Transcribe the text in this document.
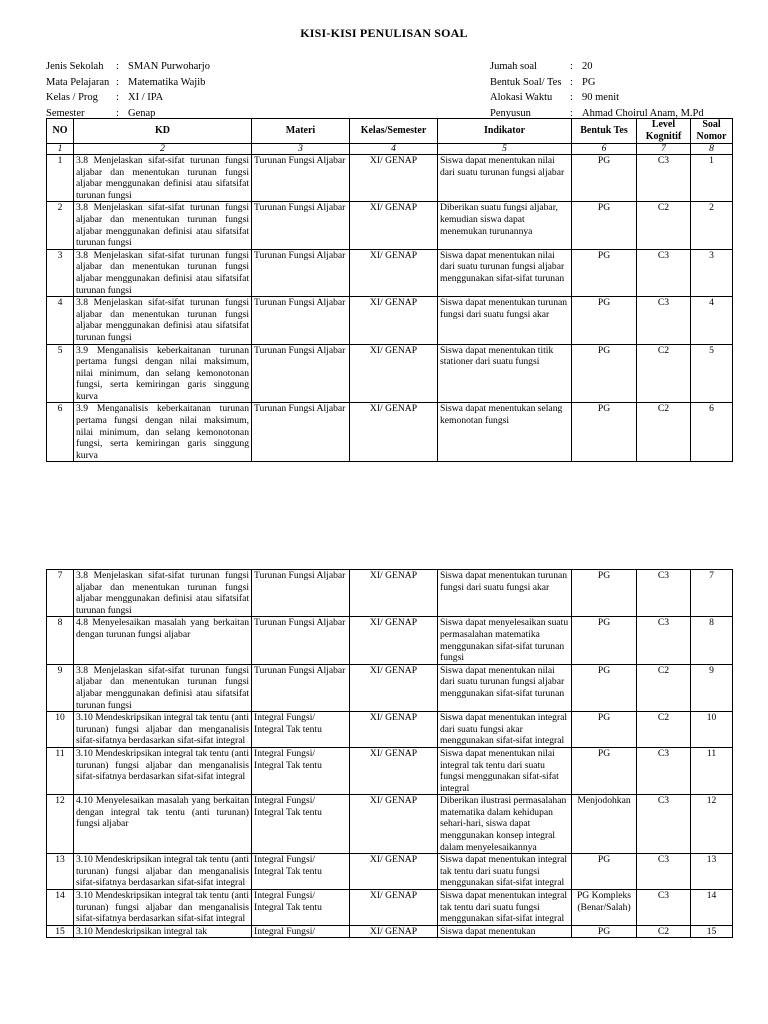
KISI-KISI PENULISAN SOAL
Jenis Sekolah	: SMAN Purwoharjo
Mata Pelajaran : Matematika Wajib
Kelas / Prog	: XI / IPA
Semester	: Genap
Jumah soal	: 20
Bentuk Soal/ Tes : PG
Alokasi Waktu	: 90 menit
Penyusun	: Ahmad Choirul Anam, M.Pd
NO	KD	Materi	Kelas/Semester	Indikator	Bentuk Tes	Level Kognitif	Soal Nomor
1	2	3	4	5	6	7	8
1	3.8 Menjelaskan sifat-sifat turunan fungsi aljabar dan menentukan turunan fungsi aljabar menggunakan definisi atau sifatsifat turunan fungsi	Turunan Fungsi Aljabar	XI/ GENAP	Siswa dapat menentukan nilai dari suatu turunan fungsi aljabar	PG	C3	1
2	3.8 Menjelaskan sifat-sifat turunan fungsi aljabar dan menentukan turunan fungsi aljabar menggunakan definisi atau sifatsifat turunan fungsi	Turunan Fungsi Aljabar	XI/ GENAP	Diberikan suatu fungsi aljabar, kemudian siswa dapat menemukan turunannya	PG	C2	2
3	3.8 Menjelaskan sifat-sifat turunan fungsi aljabar dan menentukan turunan fungsi aljabar menggunakan definisi atau sifatsifat turunan fungsi	Turunan Fungsi Aljabar	XI/ GENAP	Siswa dapat menentukan nilai dari suatu turunan fungsi aljabar menggunakan sifat-sifat turunan	PG	C3	3
4	3.8 Menjelaskan sifat-sifat turunan fungsi aljabar dan menentukan turunan fungsi aljabar menggunakan definisi atau sifatsifat turunan fungsi	Turunan Fungsi Aljabar	XI/ GENAP	Siswa dapat menentukan turunan fungsi dari suatu fungsi akar	PG	C3	4
5	3.9 Menganalisis keberkaitanan turunan pertama fungsi dengan nilai maksimum, nilai minimum, dan selang kemonotonan fungsi, serta kemiringan garis singgung kurva	Turunan Fungsi Aljabar	XI/ GENAP	Siswa dapat menentukan titik stationer dari suatu fungsi	PG	C2	5
6	3.9 Menganalisis keberkaitanan turunan pertama fungsi dengan nilai maksimum, nilai minimum, dan selang kemonotonan fungsi, serta kemiringan garis singgung kurva	Turunan Fungsi Aljabar	XI/ GENAP	Siswa dapat menentukan selang kemonotan fungsi	PG	C2	6
7	3.8 Menjelaskan sifat-sifat turunan fungsi aljabar dan menentukan turunan fungsi aljabar menggunakan definisi atau sifatsifat turunan fungsi	Turunan Fungsi Aljabar	XI/ GENAP	Siswa dapat menentukan turunan fungsi dari suatu fungsi akar	PG	C3	7
8	4.8 Menyelesaikan masalah yang berkaitan dengan turunan fungsi aljabar	Turunan Fungsi Aljabar	XI/ GENAP	Siswa dapat menyelesaikan suatu permasalahan matematika menggunakan sifat-sifat turunan fungsi	PG	C3	8
9	3.8 Menjelaskan sifat-sifat turunan fungsi aljabar dan menentukan turunan fungsi aljabar menggunakan definisi atau sifatsifat turunan fungsi	Turunan Fungsi Aljabar	XI/ GENAP	Siswa dapat menentukan nilai dari suatu turunan fungsi aljabar menggunakan sifat-sifat turunan	PG	C2	9
10	3.10 Mendeskripsikan integral tak tentu (anti turunan) fungsi aljabar dan menganalisis sifat-sifatnya berdasarkan sifat-sifat integral	Integral Fungsi/ Integral Tak tentu	XI/ GENAP	Siswa dapat menentukan integral dari suatu fungsi akar menggunakan sifat-sifat integral	PG	C2	10
11	3.10 Mendeskripsikan integral tak tentu (anti turunan) fungsi aljabar dan menganalisis sifat-sifatnya berdasarkan sifat-sifat integral	Integral Fungsi/ Integral Tak tentu	XI/ GENAP	Siswa dapat menentukan nilai integral tak tentu dari suatu fungsi menggunakan sifat-sifat integral	PG	C3	11
12	4.10 Menyelesaikan masalah yang berkaitan dengan integral tak tentu (anti turunan) fungsi aljabar	Integral Fungsi/ Integral Tak tentu	XI/ GENAP	Diberikan ilustrasi permasalahan matematika dalam kehidupan sehari-hari, siswa dapat menggunakan konsep integral dalam menyelesaikannya	Menjodohkan	C3	12
13	3.10 Mendeskripsikan integral tak tentu (anti turunan) fungsi aljabar dan menganalisis sifat-sifatnya berdasarkan sifat-sifat integral	Integral Fungsi/ Integral Tak tentu	XI/ GENAP	Siswa dapat menentukan integral tak tentu dari suatu fungsi menggunakan sifat-sifat integral	PG	C3	13
14	3.10 Mendeskripsikan integral tak tentu (anti turunan) fungsi aljabar dan menganalisis sifat-sifatnya berdasarkan sifat-sifat integral	Integral Fungsi/ Integral Tak tentu	XI/ GENAP	Siswa dapat menentukan integral tak tentu dari suatu fungsi menggunakan sifat-sifat integral	PG Kompleks (Benar/Salah)	C3	14
15	3.10 Mendeskripsikan integral tak	Integral Fungsi/	XI/ GENAP	Siswa dapat menentukan	PG	C2	15
